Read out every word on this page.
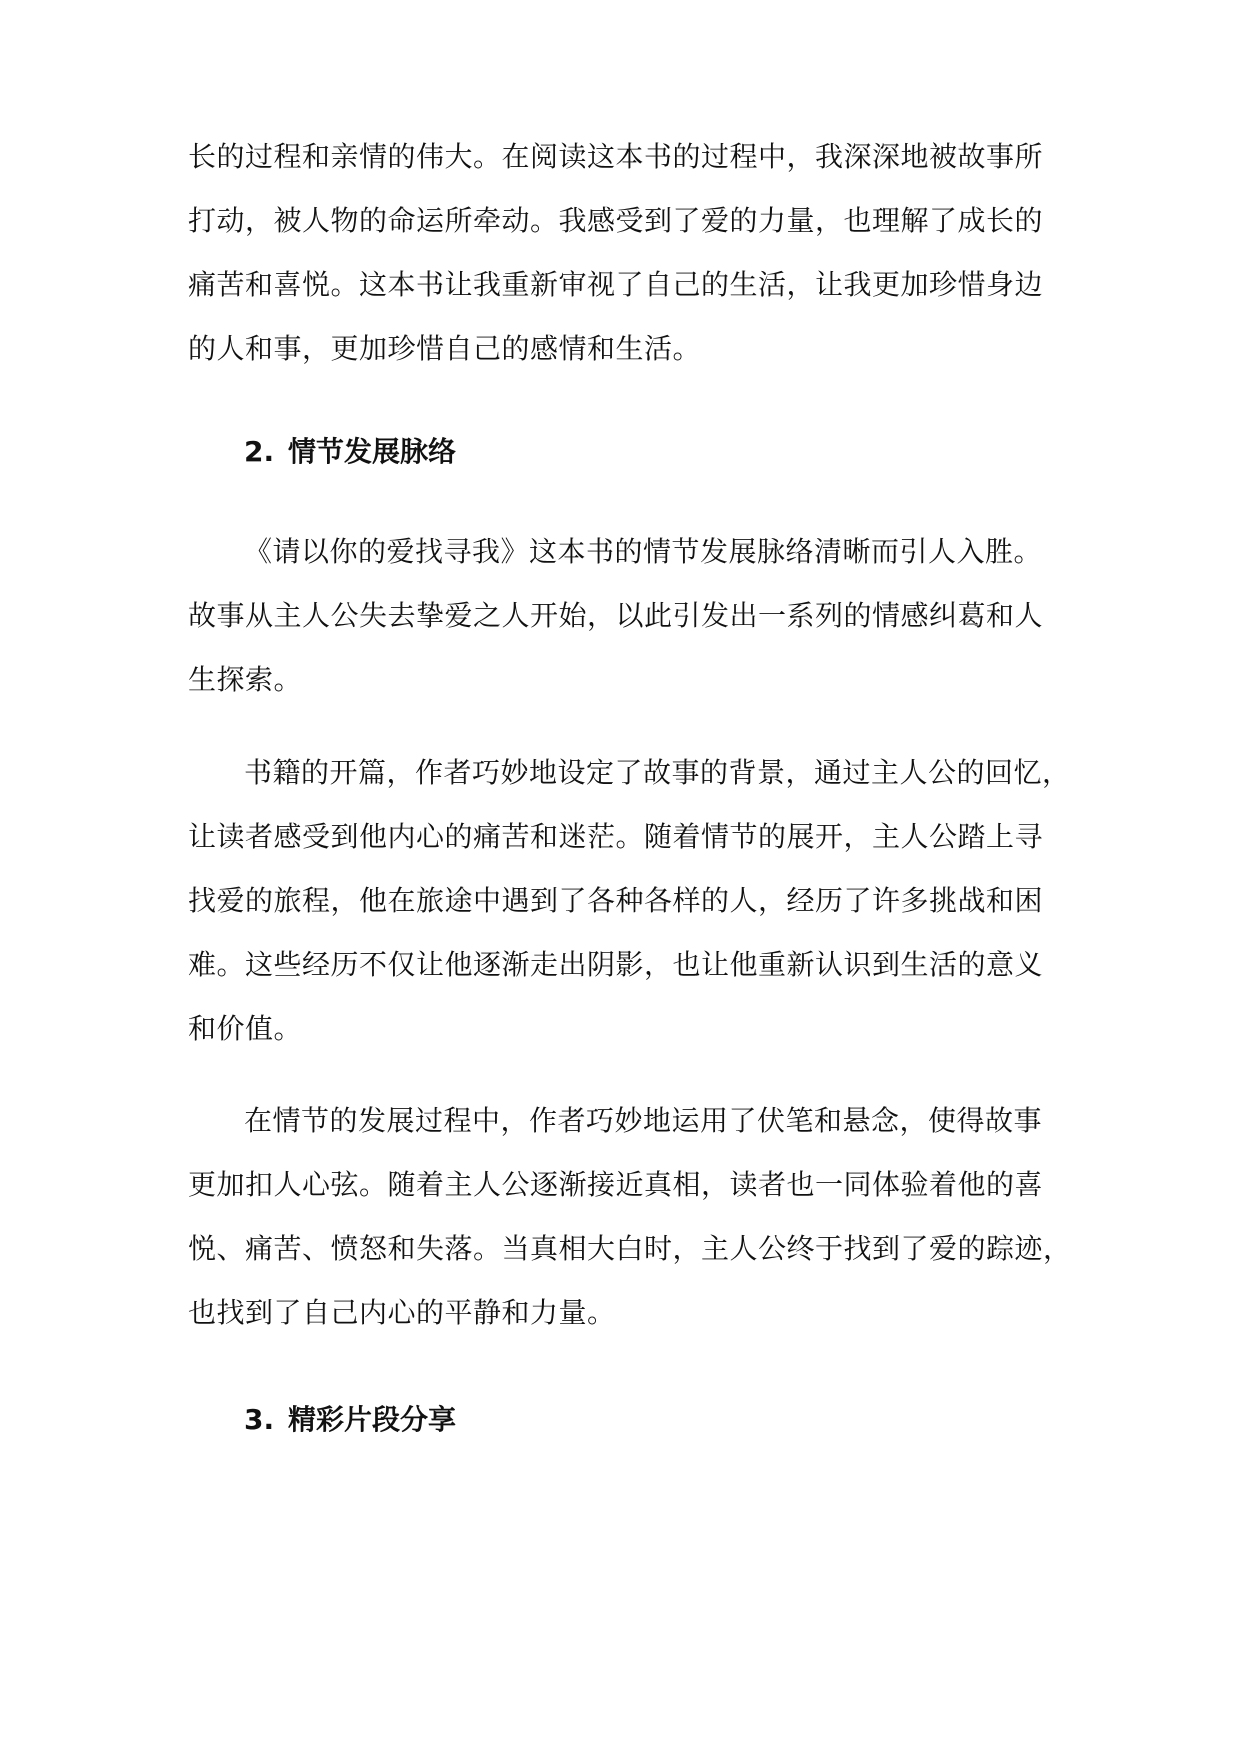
长的过程和亲情的伟大。在阅读这本书的过程中，我深深地被故事所
打动，被人物的命运所牵动。我感受到了爱的力量，也理解了成长的
痛苦和喜悦。这本书让我重新审视了自己的生活，让我更加珍惜身边
的人和事，更加珍惜自己的感情和生活。
2. 情节发展脉络
《请以你的爱找寻我》这本书的情节发展脉络清晰而引人入胜。
故事从主人公失去挚爱之人开始，以此引发出一系列的情感纠葛和人
生探索。
书籍的开篇，作者巧妙地设定了故事的背景，通过主人公的回忆，
让读者感受到他内心的痛苦和迷茫。随着情节的展开，主人公踏上寻
找爱的旅程，他在旅途中遇到了各种各样的人，经历了许多挑战和困
难。这些经历不仅让他逐渐走出阴影，也让他重新认识到生活的意义
和价值。
在情节的发展过程中，作者巧妙地运用了伏笔和悬念，使得故事
更加扣人心弦。随着主人公逐渐接近真相，读者也一同体验着他的喜
悦、痛苦、愤怒和失落。当真相大白时，主人公终于找到了爱的踪迹，
也找到了自己内心的平静和力量。
3. 精彩片段分享
